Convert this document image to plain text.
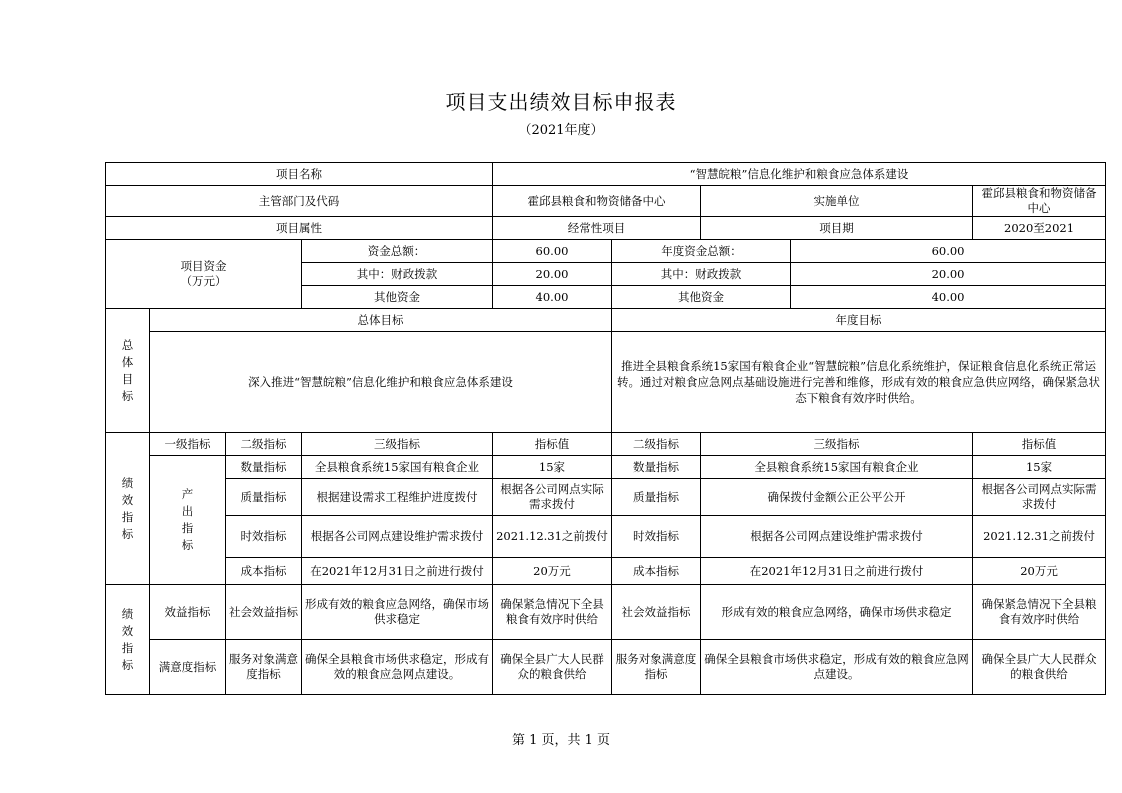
项目支出绩效目标申报表
（2021年度）
项目名称				“智慧皖粮”信息化维护和粮食应急体系建设				
主管部门及代码				霍邱县粮食和物资储备中心		实施单位		霍邱县粮食和物资储备中心
项目属性				经常性项目		项目期		2020至2021
项目资金
（万元）			资金总额：	60.00	年度资金总额：		60.00	
			其中：财政拨款	20.00	其中：财政拨款		20.00	
			其他资金	40.00	其他资金		40.00	
总体目标	总体目标				年度目标			
	深入推进“智慧皖粮”信息化维护和粮食应急体系建设				推进全县粮食系统15家国有粮食企业“智慧皖粮”信息化系统维护，保证粮食信息化系统正常运转。通过对粮食应急网点基础设施进行完善和维修，形成有效的粮食应急供应网络，确保紧急状态下粮食有效序时供给。			
绩效指标	一级指标	二级指标	三级指标	指标值	二级指标	三级指标		指标值
	产出指标	数量指标	全县粮食系统15家国有粮食企业	15家	数量指标	全县粮食系统15家国有粮食企业		15家
		质量指标	根据建设需求工程维护进度拨付	根据各公司网点实际需求拨付	质量指标	确保拨付金额公正公平公开		根据各公司网点实际需求拨付
		时效指标	根据各公司网点建设维护需求拨付	2021.12.31之前拨付	时效指标	根据各公司网点建设维护需求拨付		2021.12.31之前拨付
		成本指标	在2021年12月31日之前进行拨付	20万元	成本指标	在2021年12月31日之前进行拨付		20万元
绩效指标	效益指标	社会效益指标	形成有效的粮食应急网络，确保市场供求稳定	确保紧急情况下全县粮食有效序时供给	社会效益指标	形成有效的粮食应急网络，确保市场供求稳定		确保紧急情况下全县粮食有效序时供给
	满意度指标	服务对象满意度指标	确保全县粮食市场供求稳定，形成有效的粮食应急网点建设。	确保全县广大人民群众的粮食供给	服务对象满意度指标	确保全县粮食市场供求稳定，形成有效的粮食应急网点建设。		确保全县广大人民群众的粮食供给
第 1 页，共 1 页
